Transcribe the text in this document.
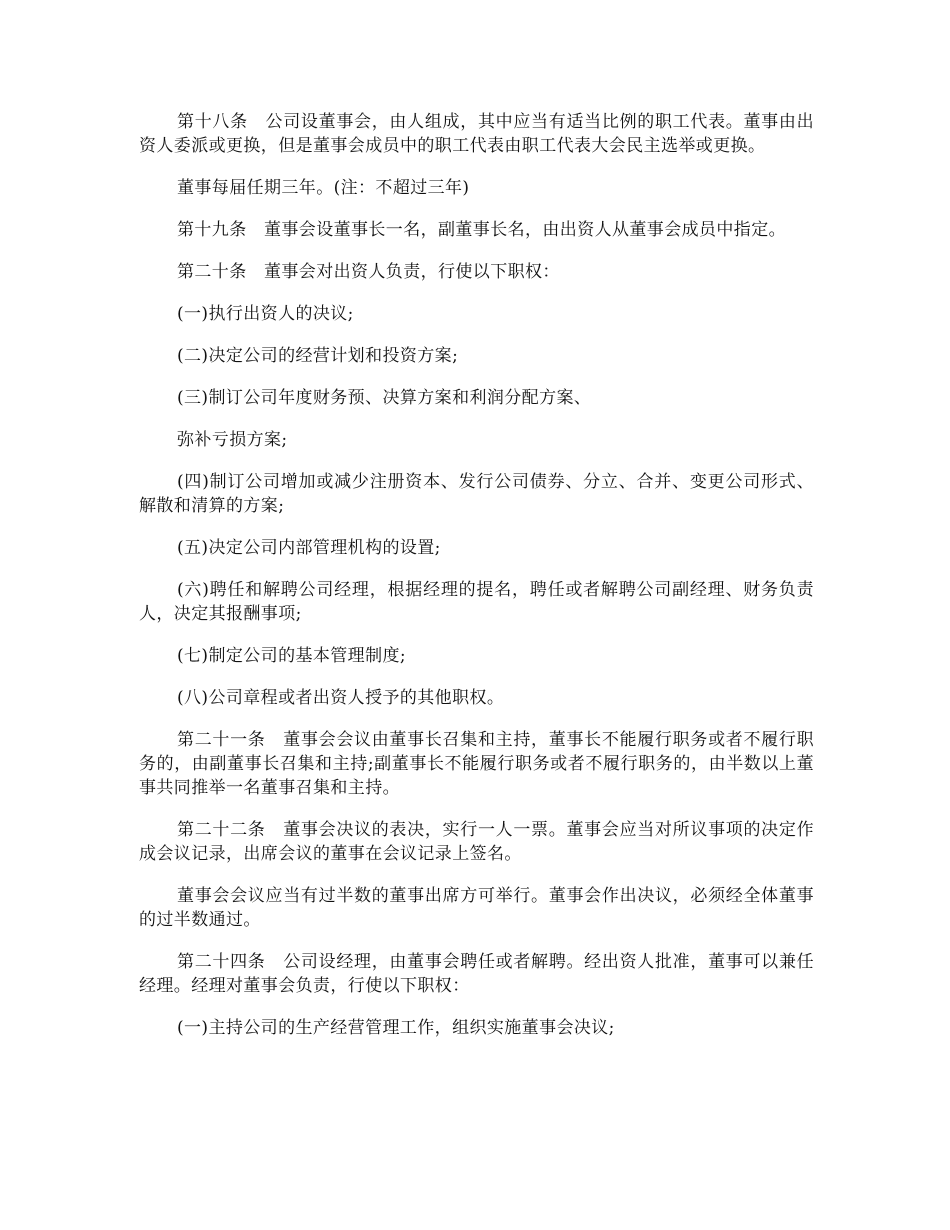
第十八条　公司设董事会，由人组成，其中应当有适当比例的职工代表。董事由出资人委派或更换，但是董事会成员中的职工代表由职工代表大会民主选举或更换。

董事每届任期三年。(注：不超过三年)

第十九条　董事会设董事长一名，副董事长名，由出资人从董事会成员中指定。

第二十条　董事会对出资人负责，行使以下职权：

(一)执行出资人的决议;

(二)决定公司的经营计划和投资方案;

(三)制订公司年度财务预、决算方案和利润分配方案、

弥补亏损方案;

(四)制订公司增加或减少注册资本、发行公司债券、分立、合并、变更公司形式、解散和清算的方案;

(五)决定公司内部管理机构的设置;

(六)聘任和解聘公司经理，根据经理的提名，聘任或者解聘公司副经理、财务负责人，决定其报酬事项;

(七)制定公司的基本管理制度;

(八)公司章程或者出资人授予的其他职权。

第二十一条　董事会会议由董事长召集和主持，董事长不能履行职务或者不履行职务的，由副董事长召集和主持;副董事长不能履行职务或者不履行职务的，由半数以上董事共同推举一名董事召集和主持。

第二十二条　董事会决议的表决，实行一人一票。董事会应当对所议事项的决定作成会议记录，出席会议的董事在会议记录上签名。

董事会会议应当有过半数的董事出席方可举行。董事会作出决议，必须经全体董事的过半数通过。

第二十四条　公司设经理，由董事会聘任或者解聘。经出资人批准，董事可以兼任经理。经理对董事会负责，行使以下职权：

(一)主持公司的生产经营管理工作，组织实施董事会决议;
